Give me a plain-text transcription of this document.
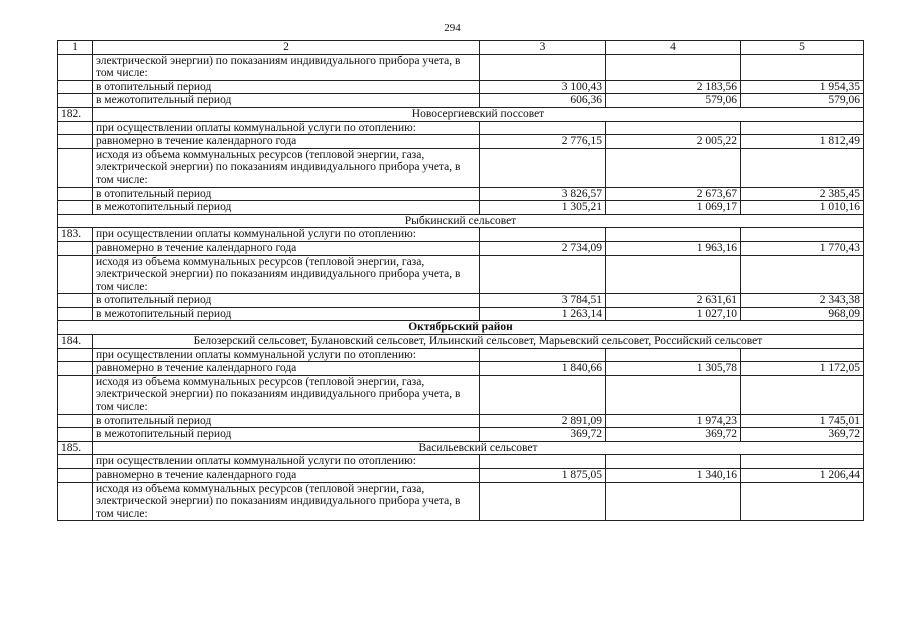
294
1	2	3	4	5
	электрической энергии) по показаниям индивидуального прибора учета, в том числе:			
	в отопительный период	3 100,43	2 183,56	1 954,35
	в межотопительный период	606,36	579,06	579,06
182.	Новосергиевский поссовет			
	при осуществлении оплаты коммунальной услуги по отоплению:			
	равномерно в течение календарного года	2 776,15	2 005,22	1 812,49
	исходя из объема коммунальных ресурсов (тепловой энергии, газа, электрической энергии) по показаниям индивидуального прибора учета, в том числе:			
	в отопительный период	3 826,57	2 673,67	2 385,45
	в межотопительный период	1 305,21	1 069,17	1 010,16
Рыбкинский сельсовет				
183.	при осуществлении оплаты коммунальной услуги по отоплению:			
	равномерно в течение календарного года	2 734,09	1 963,16	1 770,43
	исходя из объема коммунальных ресурсов (тепловой энергии, газа, электрической энергии) по показаниям индивидуального прибора учета, в том числе:			
	в отопительный период	3 784,51	2 631,61	2 343,38
	в межотопительный период	1 263,14	1 027,10	968,09
Октябрьский район				
184.	Белозерский сельсовет, Булановский сельсовет, Ильинский сельсовет, Марьевский сельсовет, Российский сельсовет			
	при осуществлении оплаты коммунальной услуги по отоплению:			
	равномерно в течение календарного года	1 840,66	1 305,78	1 172,05
	исходя из объема коммунальных ресурсов (тепловой энергии, газа, электрической энергии) по показаниям индивидуального прибора учета, в том числе:			
	в отопительный период	2 891,09	1 974,23	1 745,01
	в межотопительный период	369,72	369,72	369,72
185.	Васильевский сельсовет			
	при осуществлении оплаты коммунальной услуги по отоплению:			
	равномерно в течение календарного года	1 875,05	1 340,16	1 206,44
	исходя из объема коммунальных ресурсов (тепловой энергии, газа, электрической энергии) по показаниям индивидуального прибора учета, в том числе:			
